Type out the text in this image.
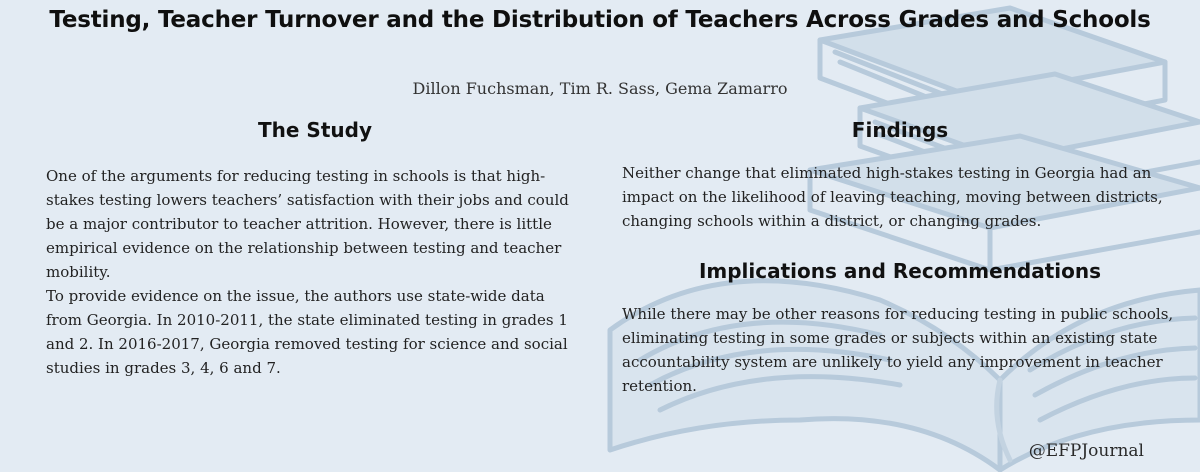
Testing, Teacher Turnover and the Distribution of Teachers Across Grades and Schools
Dillon Fuchsman, Tim R. Sass, Gema Zamarro
The Study
One of the arguments for reducing testing in schools is that high-stakes testing lowers teachers’ satisfaction with their jobs and could be a major contributor to teacher attrition. However, there is little empirical evidence on the relationship between testing and teacher mobility.
To provide evidence on the issue, the authors use state-wide data from Georgia. In 2010-2011, the state eliminated testing in grades 1 and 2. In 2016-2017, Georgia removed testing for science and social studies in grades 3, 4, 6 and 7.
Findings
Neither change that eliminated high-stakes testing in Georgia had an impact on the likelihood of leaving teaching, moving between districts, changing schools within a district, or changing grades.
Implications and Recommendations
While there may be other reasons for reducing testing in public schools, eliminating testing in some grades or subjects within an existing state accountability system are unlikely to yield any improvement in teacher retention.
@EFPJournal
